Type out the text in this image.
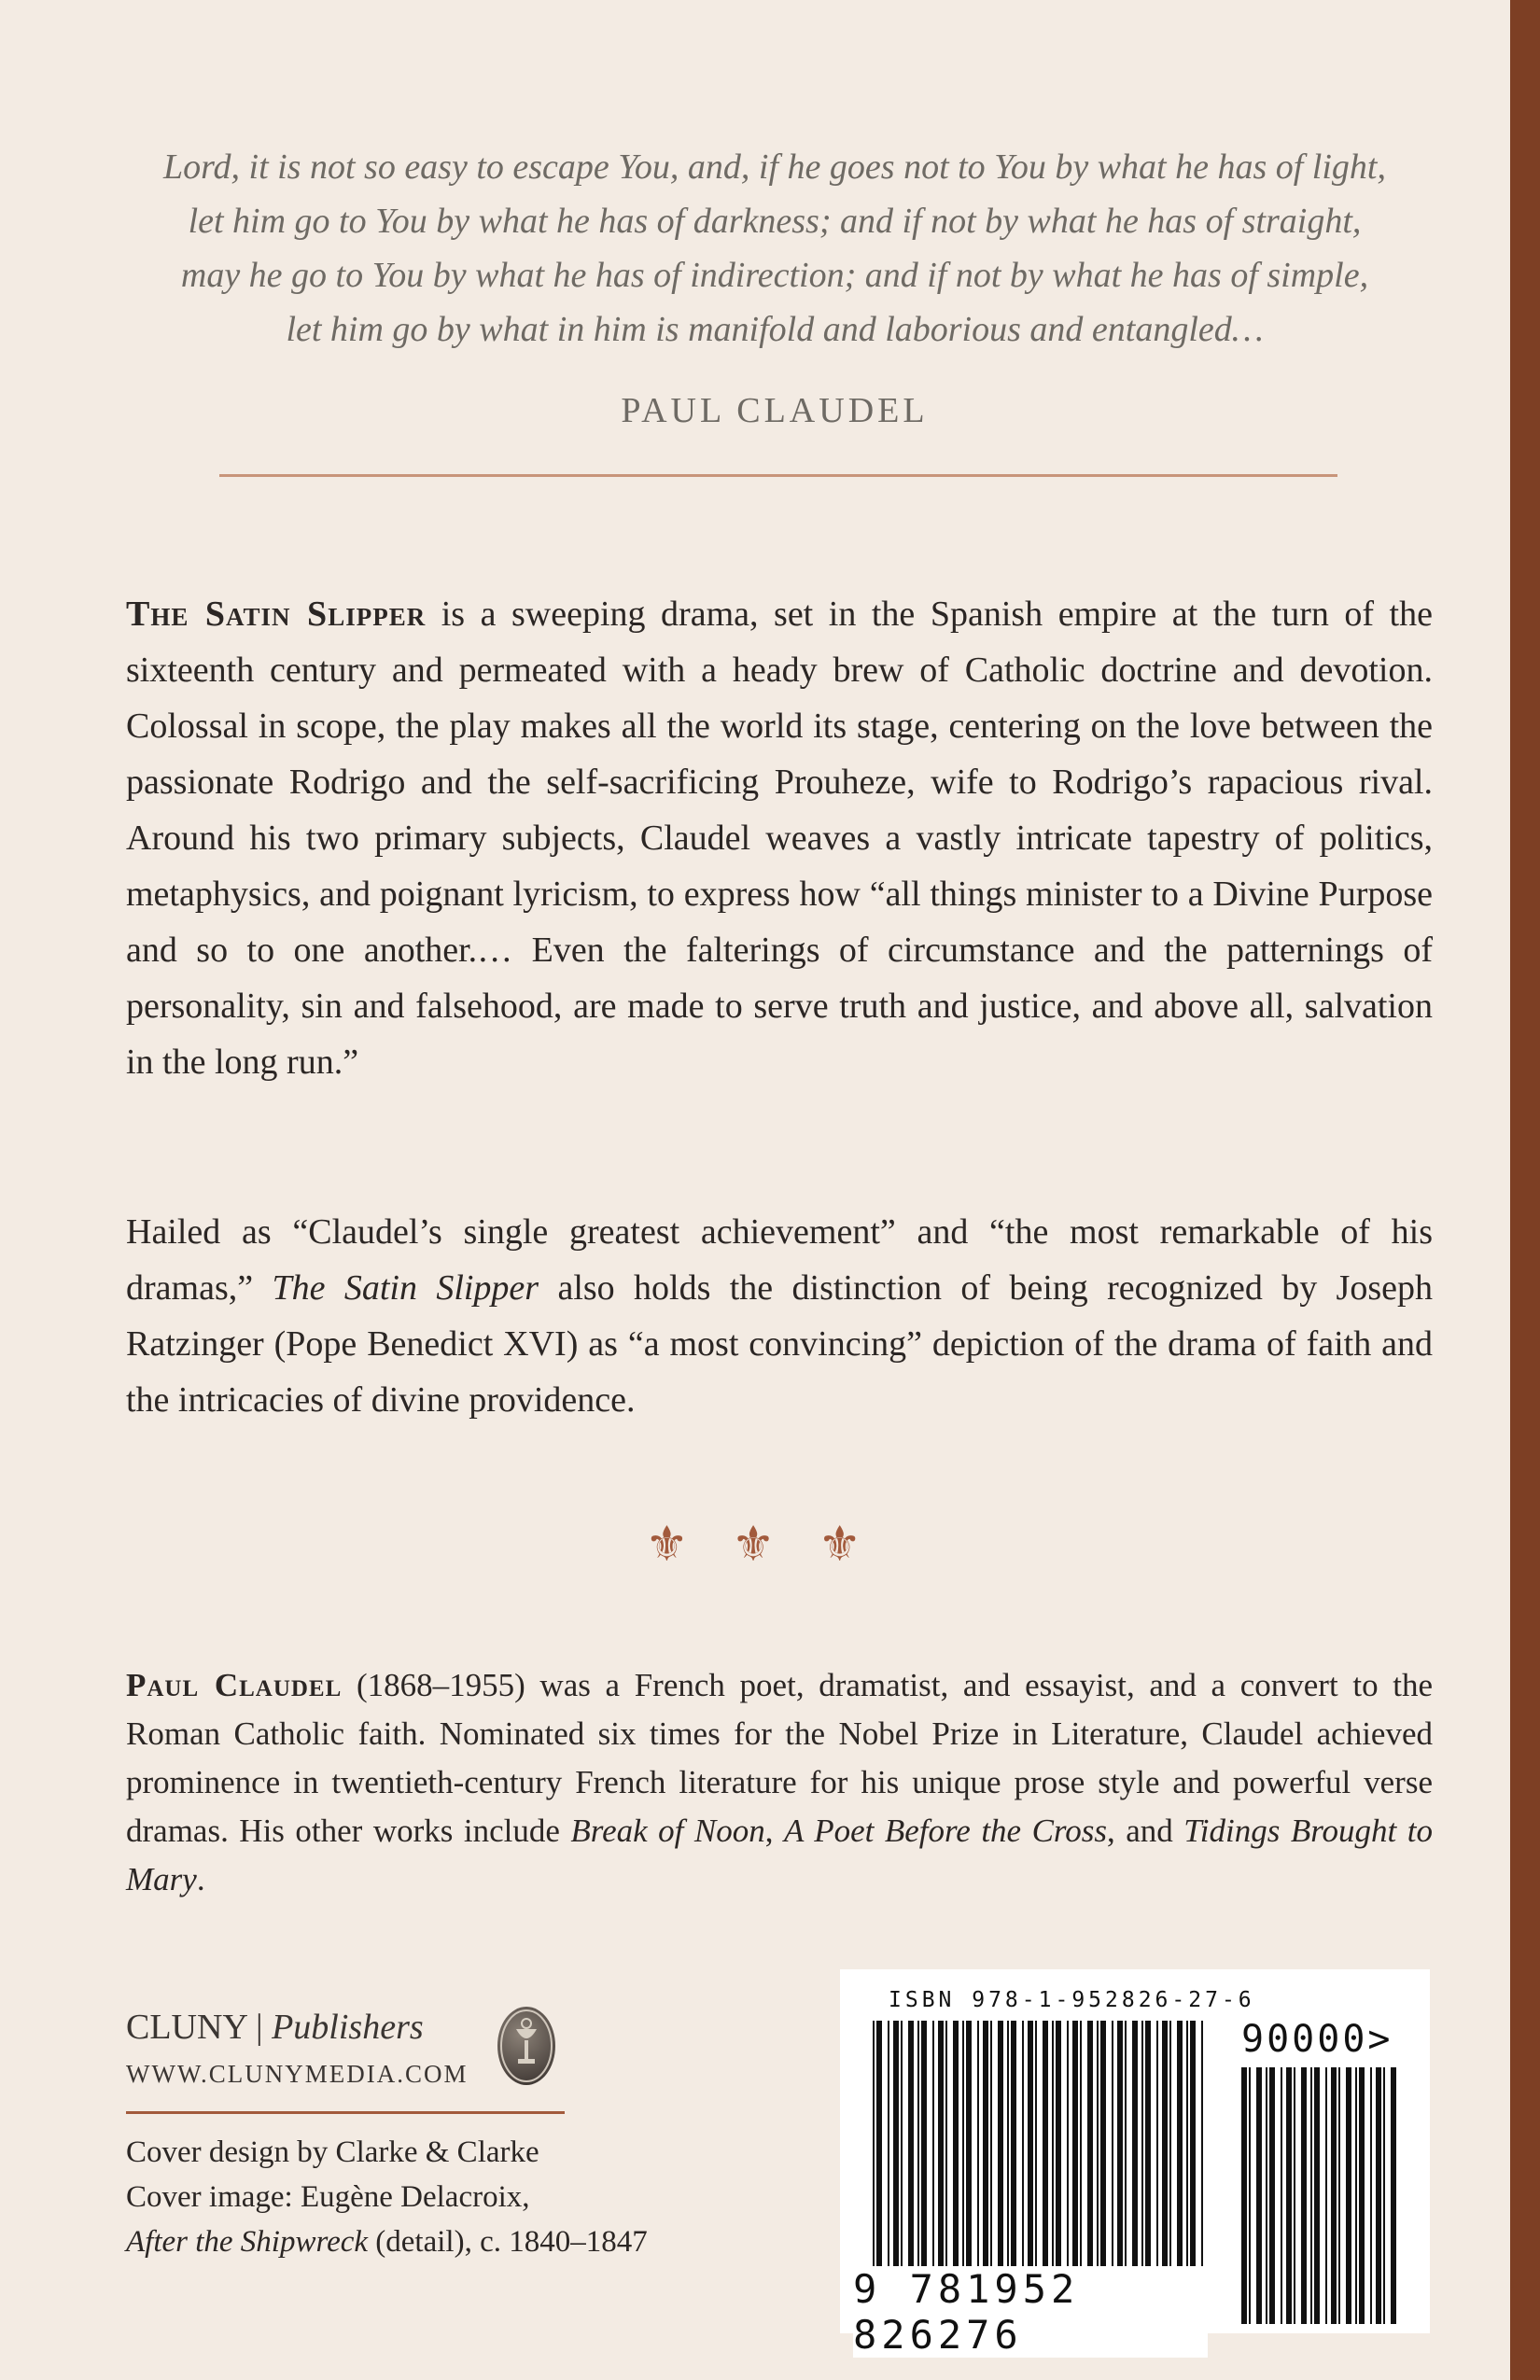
Lord, it is not so easy to escape You, and, if he goes not to You by what he has of light,
let him go to You by what he has of darkness; and if not by what he has of straight,
may he go to You by what he has of indirection; and if not by what he has of simple,
let him go by what in him is manifold and laborious and entangled…
PAUL CLAUDEL

The Satin Slipper is a sweeping drama, set in the Spanish empire at the turn of the sixteenth century and permeated with a heady brew of Catholic doctrine and devotion. Colossal in scope, the play makes all the world its stage, centering on the love between the passionate Rodrigo and the self-sacrificing Prouheze, wife to Rodrigo’s rapacious rival. Around his two primary subjects, Claudel weaves a vastly intricate tapestry of politics, metaphysics, and poignant lyricism, to express how “all things minister to a Divine Purpose and so to one another.… Even the falterings of circumstance and the patternings of personality, sin and falsehood, are made to serve truth and justice, and above all, salvation in the long run.”

Hailed as “Claudel’s single greatest achievement” and “the most remarkable of his dramas,” The Satin Slipper also holds the distinction of being recognized by Joseph Ratzinger (Pope Benedict XVI) as “a most convincing” depiction of the drama of faith and the intricacies of divine providence.

⚜⚜⚜

Paul Claudel (1868–1955) was a French poet, dramatist, and essayist, and a convert to the Roman Catholic faith. Nominated six times for the Nobel Prize in Literature, Claudel achieved prominence in twentieth-century French literature for his unique prose style and powerful verse dramas. His other works include Break of Noon, A Poet Before the Cross, and Tidings Brought to Mary.

CLUNY | Publishers
WWW.CLUNYMEDIA.COM
Cover design by Clarke & Clarke
Cover image: Eugène Delacroix,
After the Shipwreck (detail), c. 1840–1847
ISBN 978-1-952826-27-6
90000>
9 781952 826276
